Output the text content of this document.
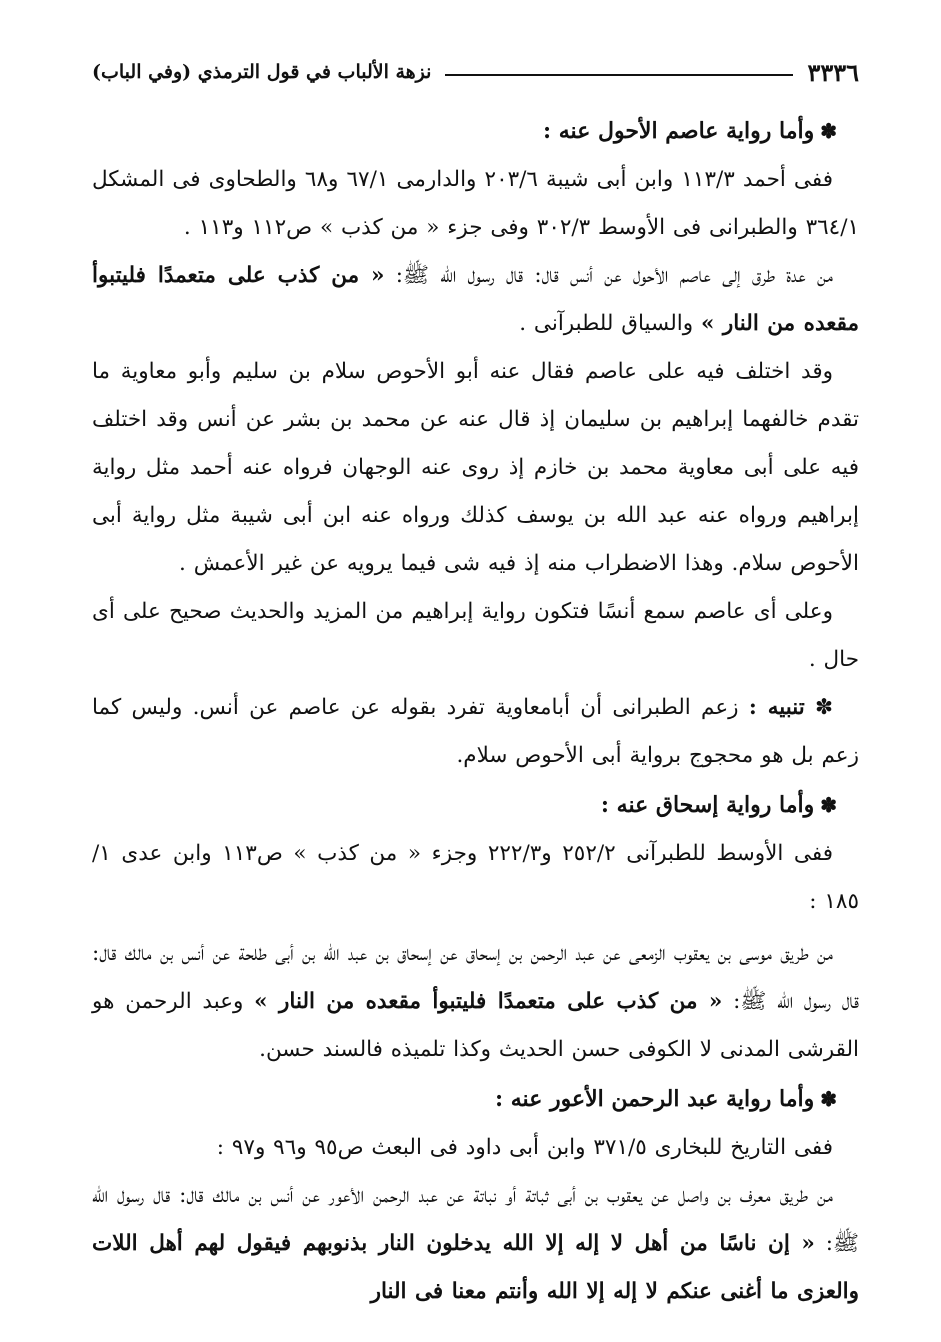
٣٣٣٦
نزهة الألباب في قول الترمذي (وفي الباب)

✽وأما رواية عاصم الأحول عنه :

ففى أحمد ١١٣/٣ وابن أبى شيبة ٢٠٣/٦ والدارمى ٦٧/١ و٦٨ والطحاوى فى المشكل ٣٦٤/١ والطبرانى فى الأوسط ٣٠٢/٣ وفى جزء « من كذب » ص١١٢ و١١٣ .

من عدة طرق إلى عاصم الأحول عن أنس قال: قال رسول الله ﷺ: « من كذب على متعمدًا فليتبوأ مقعده من النار » والسياق للطبرآنى .

وقد اختلف فيه على عاصم فقال عنه أبو الأحوص سلام بن سليم وأبو معاوية ما تقدم خالفهما إبراهيم بن سليمان إذ قال عنه عن محمد بن بشر عن أنس وقد اختلف فيه على أبى معاوية محمد بن خازم إذ روى عنه الوجهان فرواه عنه أحمد مثل رواية إبراهيم ورواه عنه عبد الله بن يوسف كذلك ورواه عنه ابن أبى شيبة مثل رواية أبى الأحوص سلام. وهذا الاضطراب منه إذ فيه شى فيما يرويه عن غير الأعمش .

وعلى أى عاصم سمع أنسًا فتكون رواية إبراهيم من المزيد والحديث صحيح على أى حال .

✽ تنبيه : زعم الطبرانى أن أبامعاوية تفرد بقوله عن عاصم عن أنس. وليس كما زعم بل هو محجوج برواية أبى الأحوص سلام.

✽وأما رواية إسحاق عنه :

ففى الأوسط للطبرآنى ٢٥٢/٢ و٢٢٢/٣ وجزء « من كذب » ص١١٣ وابن عدى ١/ ١٨٥ :

من طريق موسى بن يعقوب الزمعى عن عبد الرحمن بن إسحاق عن إسحاق بن عبد الله بن أبى طلحة عن أنس بن مالك قال: قال رسول الله ﷺ: « من كذب على متعمدًا فليتبوأ مقعده من النار » وعبد الرحمن هو القرشى المدنى لا الكوفى حسن الحديث وكذا تلميذه فالسند حسن.

✽وأما رواية عبد الرحمن الأعور عنه :

ففى التاريخ للبخارى ٣٧١/٥ وابن أبى داود فى البعث ص٩٥ و٩٦ و٩٧ :

من طريق معرف بن واصل عن يعقوب بن أبى ثباتة أو نباتة عن عبد الرحمن الأعور عن أنس بن مالك قال: قال رسول الله ﷺ: « إن ناسًا من أهل لا إله إلا الله يدخلون النار بذنوبهم فيقول لهم أهل اللات والعزى ما أغنى عنكم لا إله إلا الله وأنتم معنا فى النار
